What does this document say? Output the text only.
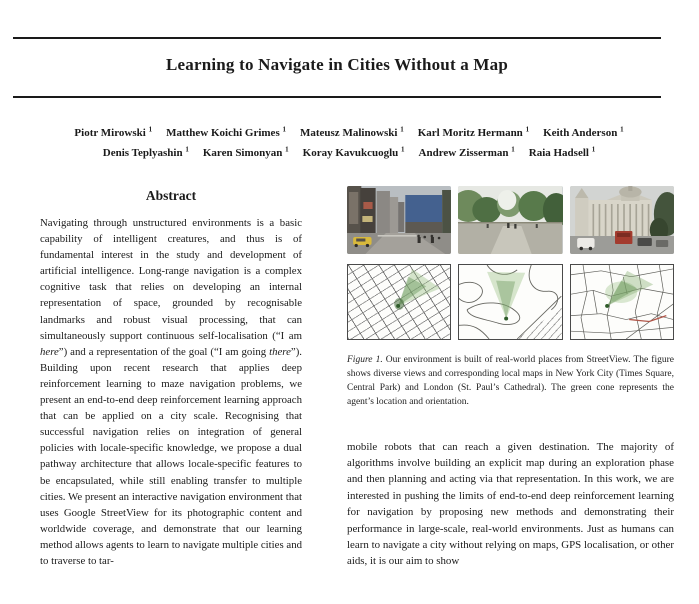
Learning to Navigate in Cities Without a Map
Piotr Mirowski $^1$ Matthew Koichi Grimes $^1$ Mateusz Malinowski $^1$ Karl Moritz Hermann $^1$ Keith Anderson $^1$
Denis Teplyashin $^1$ Karen Simonyan $^1$ Koray Kavukcuoglu $^1$ Andrew Zisserman $^1$ Raia Hadsell $^1$
Abstract
Navigating through unstructured environments is a basic capability of intelligent creatures, and thus is of fundamental interest in the study and development of artificial intelligence. Long-range navigation is a complex cognitive task that relies on developing an internal representation of space, grounded by recognisable landmarks and robust visual processing, that can simultaneously support continuous self-localisation (“I am here”) and a representation of the goal (“I am going there”). Building upon recent research that applies deep reinforcement learning to maze navigation problems, we present an end-to-end deep reinforcement learning approach that can be applied on a city scale. Recognising that successful navigation relies on integration of general policies with locale-specific knowledge, we propose a dual pathway architecture that allows locale-specific features to be encapsulated, while still enabling transfer to multiple cities. We present an interactive navigation environment that uses Google StreetView for its photographic content and worldwide coverage, and demonstrate that our learning method allows agents to learn to navigate multiple cities and to traverse to tar-
Figure 1. Our environment is built of real-world places from StreetView. The figure shows diverse views and corresponding local maps in New York City (Times Square, Central Park) and London (St. Paul’s Cathedral). The green cone represents the agent’s location and orientation.
mobile robots that can reach a given destination. The majority of algorithms involve building an explicit map during an exploration phase and then planning and acting via that representation. In this work, we are interested in pushing the limits of end-to-end deep reinforcement learning for navigation by proposing new methods and demonstrating their performance in large-scale, real-world environments. Just as humans can learn to navigate a city without relying on maps, GPS localisation, or other aids, it is our aim to show
